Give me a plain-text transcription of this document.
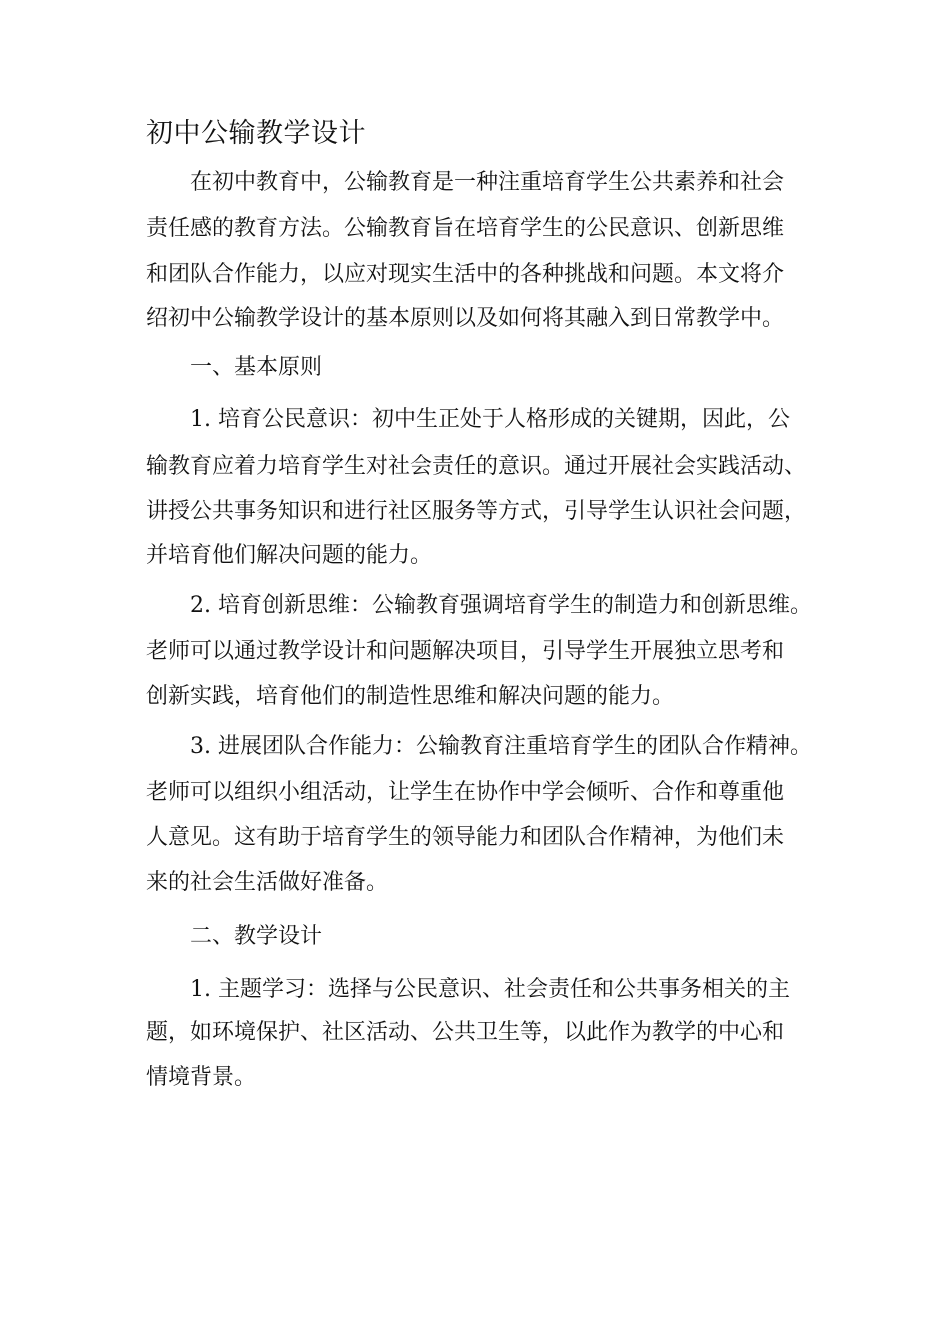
初中公输教学设计

在初中教育中，公输教育是一种注重培育学生公共素养和社会

责任感的教育方法。公输教育旨在培育学生的公民意识、创新思维

和团队合作能力，以应对现实生活中的各种挑战和问题。本文将介

绍初中公输教学设计的基本原则以及如何将其融入到日常教学中。

一、基本原则

1. 培育公民意识：初中生正处于人格形成的关键期，因此，公

输教育应着力培育学生对社会责任的意识。通过开展社会实践活动、

讲授公共事务知识和进行社区服务等方式，引导学生认识社会问题，

并培育他们解决问题的能力。

2. 培育创新思维：公输教育强调培育学生的制造力和创新思维。

老师可以通过教学设计和问题解决项目，引导学生开展独立思考和

创新实践，培育他们的制造性思维和解决问题的能力。

3. 进展团队合作能力：公输教育注重培育学生的团队合作精神。

老师可以组织小组活动，让学生在协作中学会倾听、合作和尊重他

人意见。这有助于培育学生的领导能力和团队合作精神，为他们未

来的社会生活做好准备。

二、教学设计

1. 主题学习：选择与公民意识、社会责任和公共事务相关的主

题，如环境保护、社区活动、公共卫生等，以此作为教学的中心和

情境背景。
